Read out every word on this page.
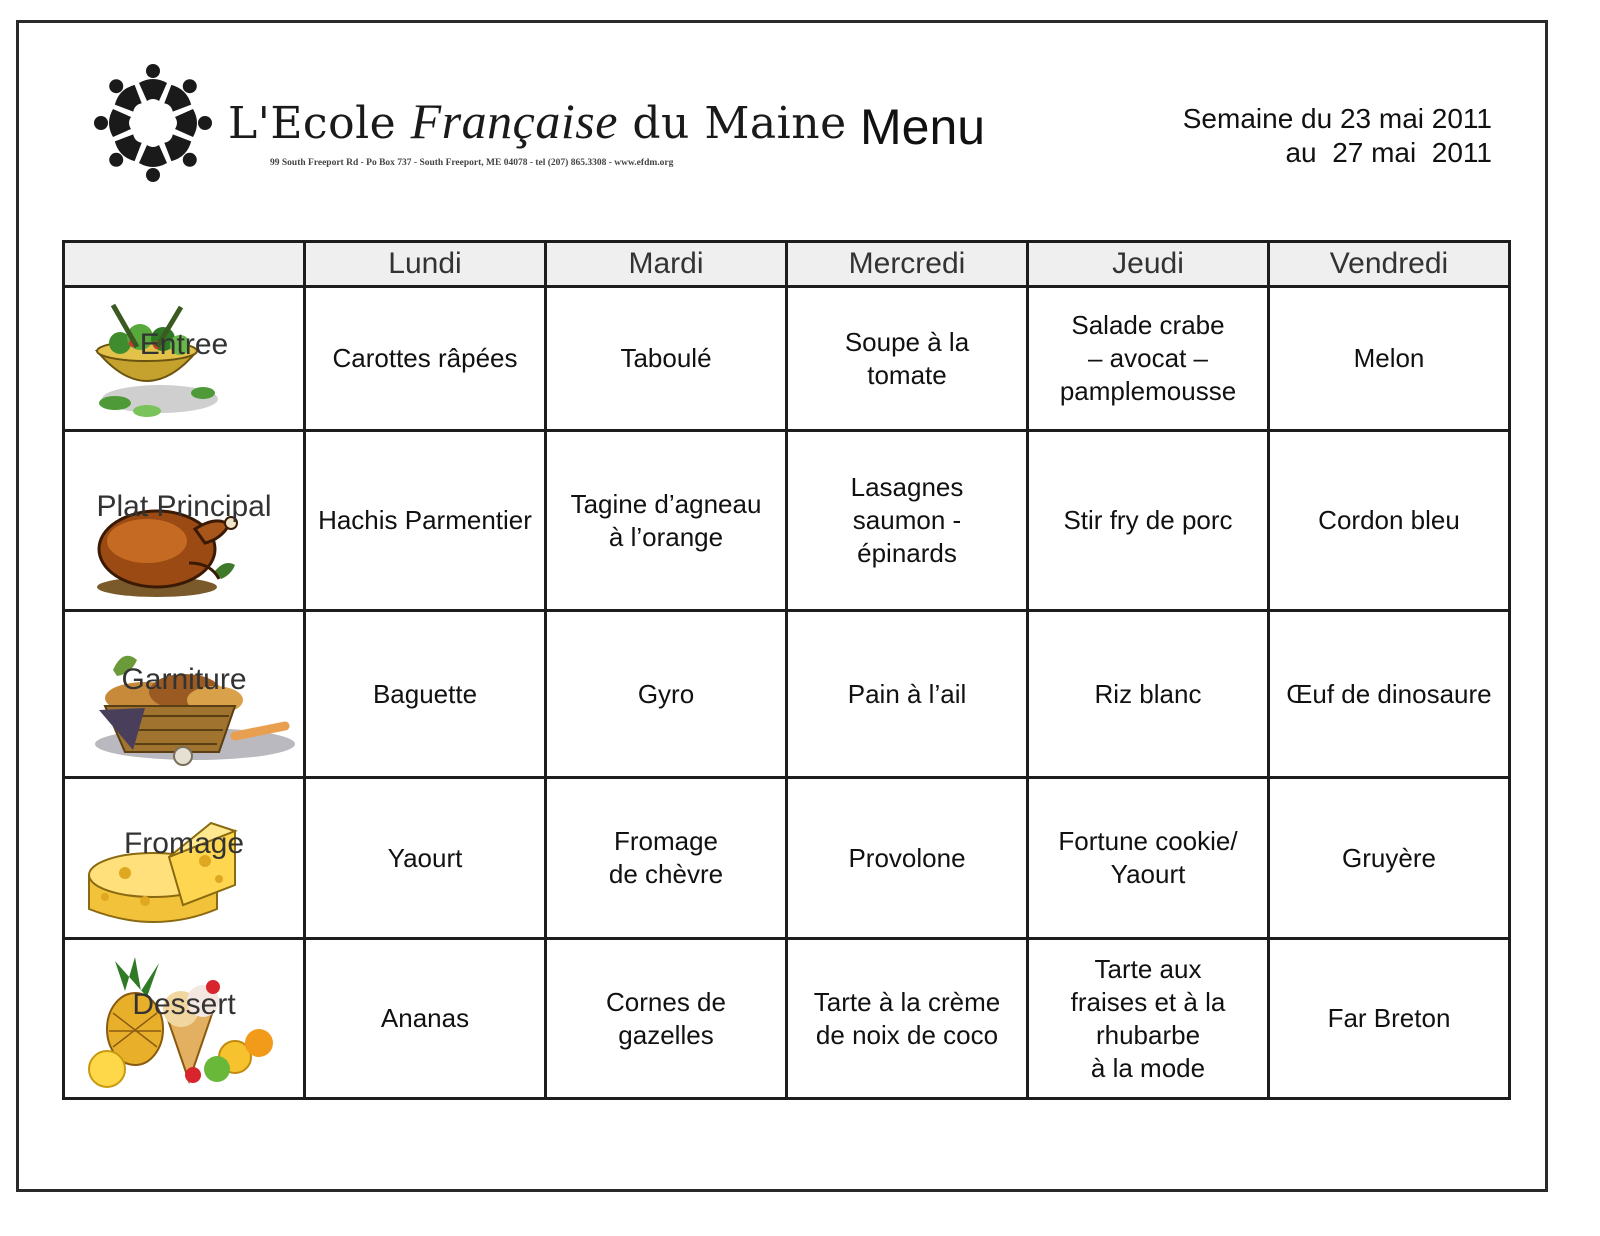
L'Ecole Française du Maine
99 South Freeport Rd - Po Box 737 - South Freeport, ME 04078 - tel (207) 865.3308 - www.efdm.org
Menu	Semaine du 23 mai 2011
au  27 mai  2011
	Lundi	Mardi	Mercredi	Jeudi	Vendredi

Entree	Carottes râpées	Taboulé	Soupe à la
tomate	Salade crabe
– avocat –
pamplemousse	Melon

Plat Principal	Hachis Parmentier	Tagine d’agneau
à l’orange	Lasagnes
saumon -
épinards	Stir fry de porc	Cordon bleu

Garniture	Baguette	Gyro	Pain à l’ail	Riz blanc	Œuf de dinosaure

Fromage	Yaourt	Fromage
de chèvre	Provolone	Fortune cookie/
Yaourt	Gruyère

Dessert	Ananas	Cornes de
gazelles	Tarte à la crème
de noix de coco	Tarte aux
fraises et à la
rhubarbe
à la mode	Far Breton
